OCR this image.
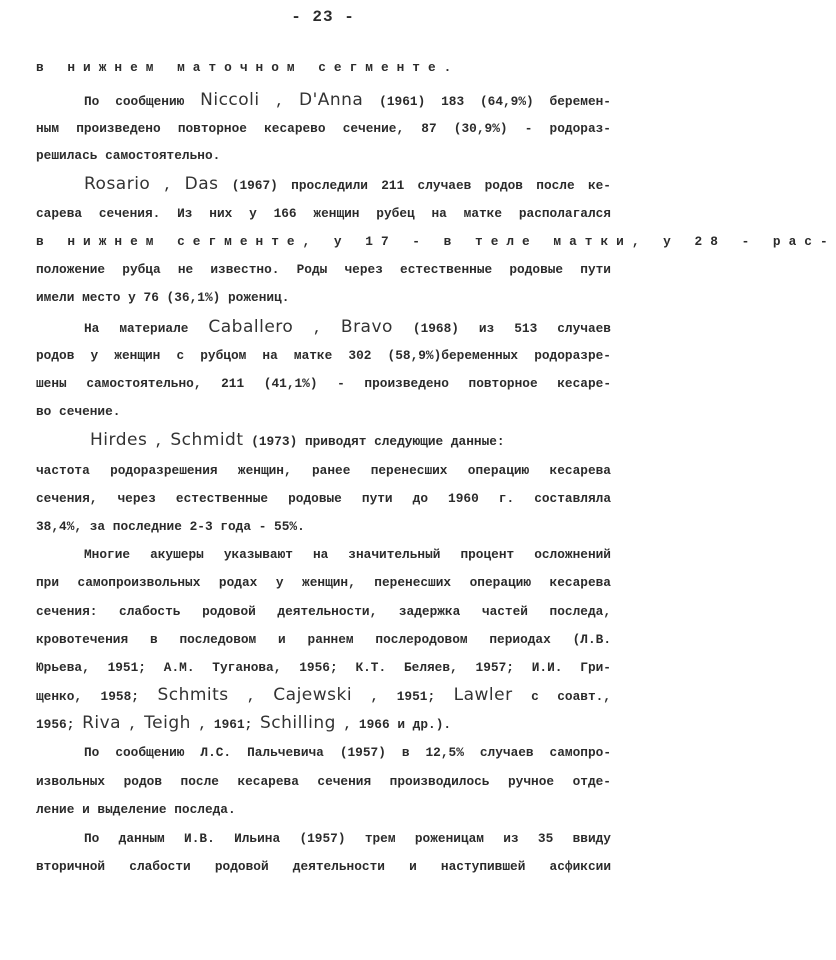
- 23 -
в нижнем маточном сегменте.
По сообщению Niccoli , D'Anna (1961) 183 (64,9%) беремен-
ным произведено повторное кесарево сечение, 87 (30,9%) - родораз-
решилась самостоятельно.
Rosario , Das (1967) проследили 211 случаев родов после ке-
сарева сечения. Из них у 166 женщин рубец на матке располагался
в нижнем сегменте, у 17 - в теле матки, у 28 - рас-
положение рубца не известно. Роды через естественные родовые пути
имели место у 76 (36,1%) рожениц.
На материале Caballero , Bravo (1968) из 513 случаев
родов у женщин с рубцом на матке 302 (58,9%)беременных родоразре-
шены самостоятельно, 211 (41,1%) - произведено повторное кесаре-
во сечение.
Hirdes , Schmidt (1973) приводят следующие данные:
частота родоразрешения женщин, ранее перенесших операцию кесарева
сечения, через естественные родовые пути до 1960 г. составляла
38,4%, за последние 2-3 года - 55%.
Многие акушеры указывают на значительный процент осложнений
при самопроизвольных родах у женщин, перенесших операцию кесарева
сечения: слабость родовой деятельности, задержка частей последа,
кровотечения в последовом и раннем послеродовом периодах (Л.В.
Юрьева, 1951; А.М. Туганова, 1956; К.Т. Беляев, 1957; И.И. Гри-
щенко, 1958; Schmits , Cajewski , 1951; Lawler с соавт.,
1956; Riva , Teigh , 1961; Schilling , 1966 и др.).
По сообщению Л.С. Пальчевича (1957) в 12,5% случаев самопро-
извольных родов после кесарева сечения производилось ручное отде-
ление и выделение последа.
По данным И.В. Ильина (1957) трем роженицам из 35 ввиду
вторичной слабости родовой деятельности и наступившей асфиксии
